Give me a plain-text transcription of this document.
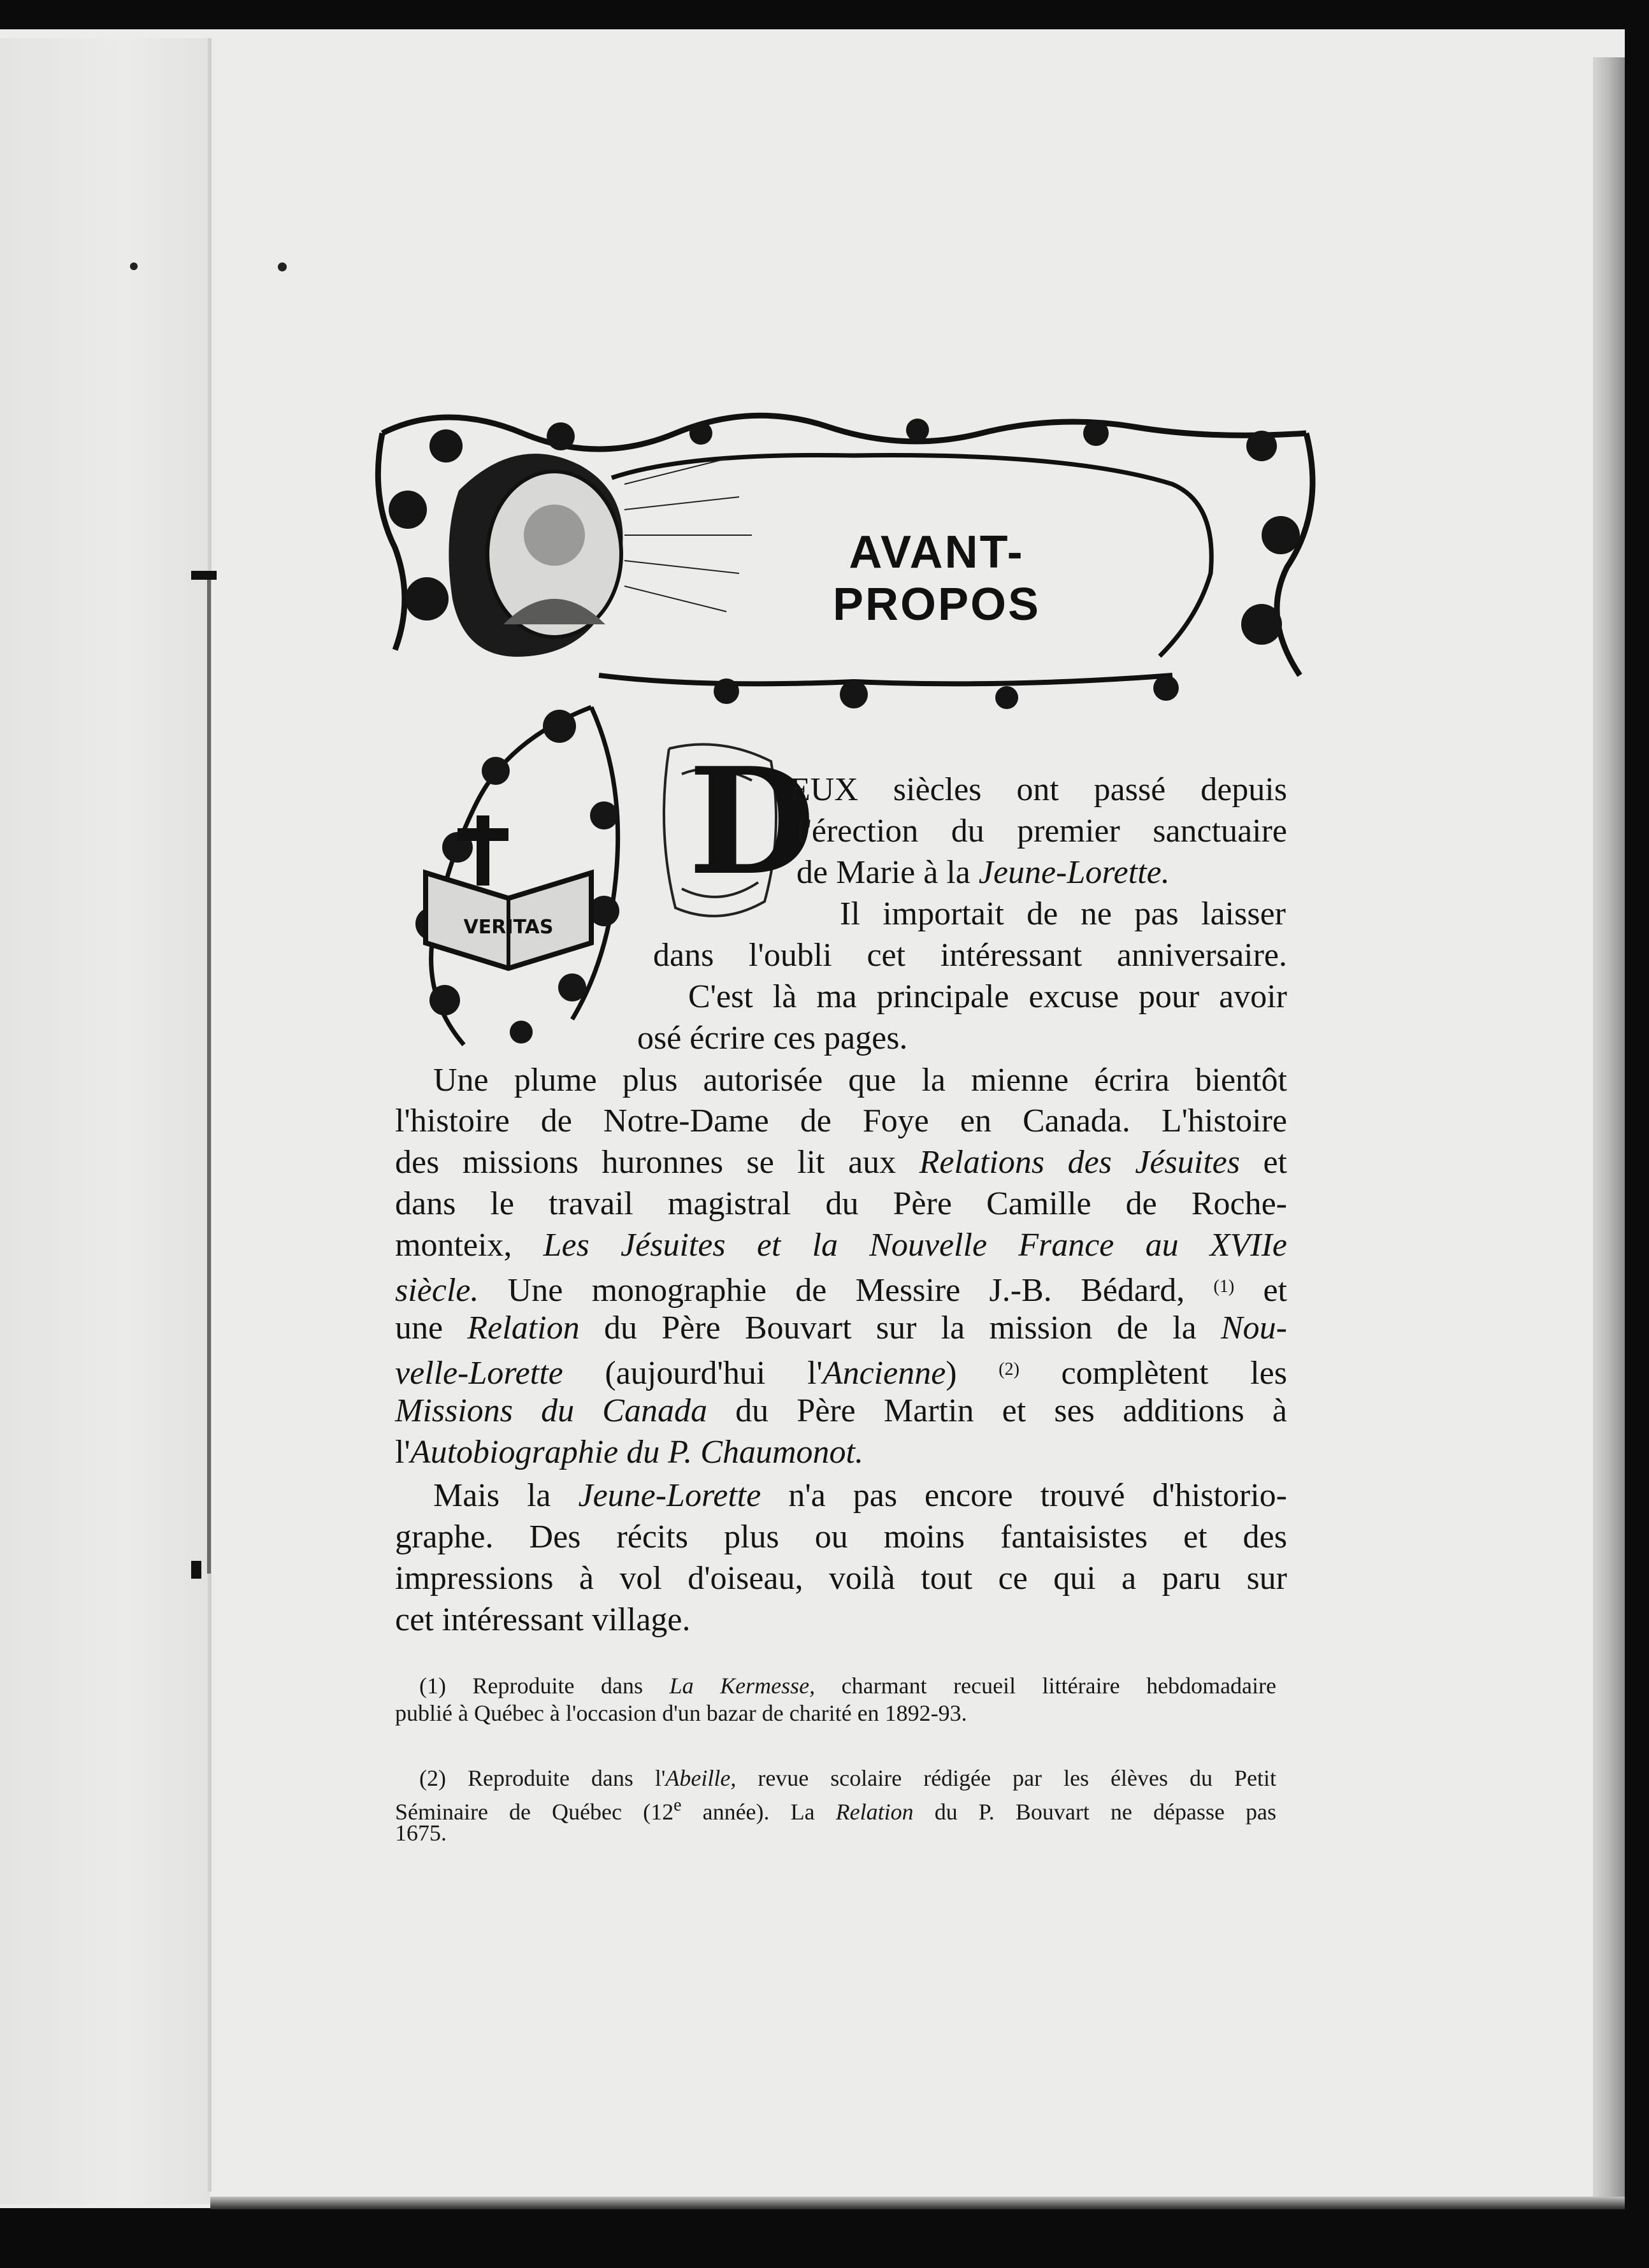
AVANT-PROPOS
VERITAS
D
EUX siècles ont passé depuis
l'érection du premier sanctuaire
de Marie à la Jeune-Lorette.
Il importait de ne pas laisser
dans l'oubli cet intéressant anniversaire.
C'est là ma principale excuse pour avoir
osé écrire ces pages.
Une plume plus autorisée que la mienne écrira bientôt
l'histoire de Notre-Dame de Foye en Canada. L'histoire
des missions huronnes se lit aux Relations des Jésuites et
dans le travail magistral du Père Camille de Roche-
monteix, Les Jésuites et la Nouvelle France au XVIIe
siècle. Une monographie de Messire J.-B. Bédard, $^{(1)}$ et
une Relation du Père Bouvart sur la mission de la Nou-
velle-Lorette (aujourd'hui l'Ancienne) $^{(2)}$ complètent les
Missions du Canada du Père Martin et ses additions à
l'Autobiographie du P. Chaumonot.
Mais la Jeune-Lorette n'a pas encore trouvé d'historio-
graphe. Des récits plus ou moins fantaisistes et des
impressions à vol d'oiseau, voilà tout ce qui a paru sur
cet intéressant village.
(1) Reproduite dans La Kermesse, charmant recueil littéraire hebdomadaire
publié à Québec à l'occasion d'un bazar de charité en 1892-93.
(2) Reproduite dans l'Abeille, revue scolaire rédigée par les élèves du Petit
Séminaire de Québec (12e année). La Relation du P. Bouvart ne dépasse pas
1675.
